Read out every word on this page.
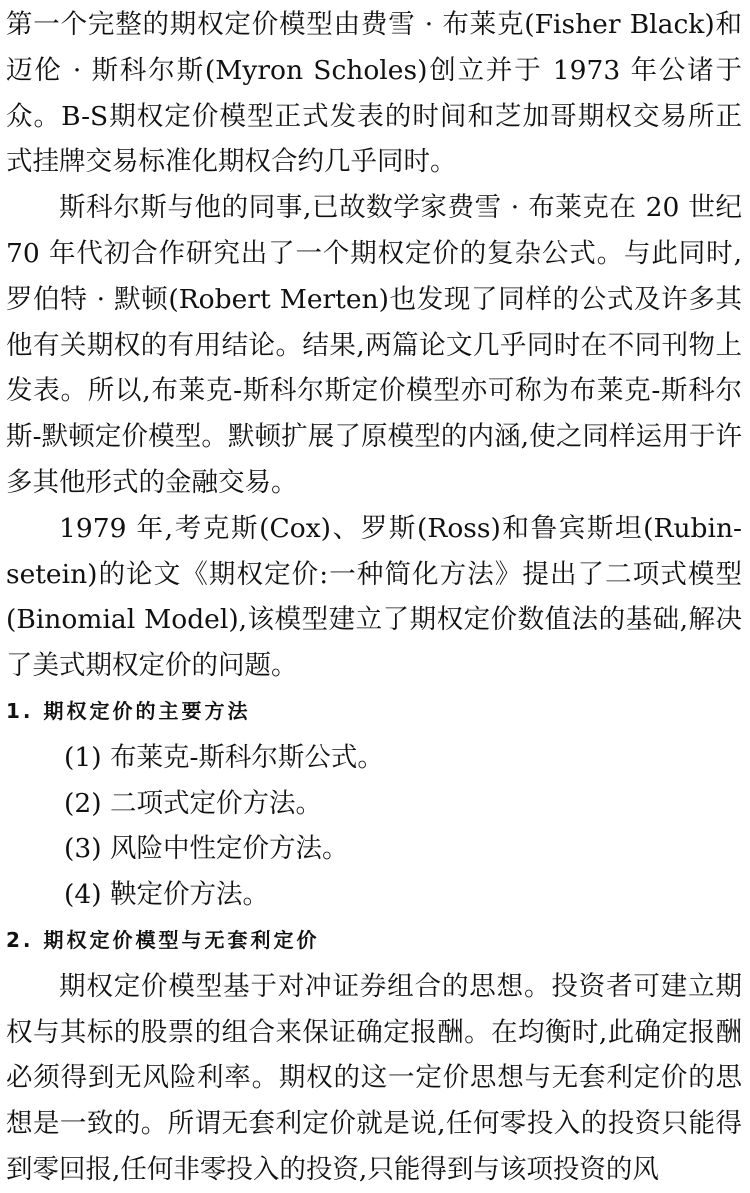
第一个完整的期权定价模型由费雪 · 布莱克(Fisher Black)和迈伦 · 斯科尔斯(Myron Scholes)创立并于 1973 年公诸于众。B-S期权定价模型正式发表的时间和芝加哥期权交易所正式挂牌交易标准化期权合约几乎同时。

斯科尔斯与他的同事,已故数学家费雪 · 布莱克在 20 世纪 70 年代初合作研究出了一个期权定价的复杂公式。与此同时,罗伯特 · 默顿(Robert Merten)也发现了同样的公式及许多其他有关期权的有用结论。结果,两篇论文几乎同时在不同刊物上发表。所以,布莱克-斯科尔斯定价模型亦可称为布莱克-斯科尔斯-默顿定价模型。默顿扩展了原模型的内涵,使之同样运用于许多其他形式的金融交易。

1979 年,考克斯(Cox)、罗斯(Ross)和鲁宾斯坦(Rubin-setein)的论文《期权定价:一种简化方法》提出了二项式模型(Binomial Model),该模型建立了期权定价数值法的基础,解决了美式期权定价的问题。

1. 期权定价的主要方法

(1) 布莱克-斯科尔斯公式。

(2) 二项式定价方法。

(3) 风险中性定价方法。

(4) 鞅定价方法。

2. 期权定价模型与无套利定价

期权定价模型基于对冲证券组合的思想。投资者可建立期权与其标的股票的组合来保证确定报酬。在均衡时,此确定报酬必须得到无风险利率。期权的这一定价思想与无套利定价的思想是一致的。所谓无套利定价就是说,任何零投入的投资只能得到零回报,任何非零投入的投资,只能得到与该项投资的风
